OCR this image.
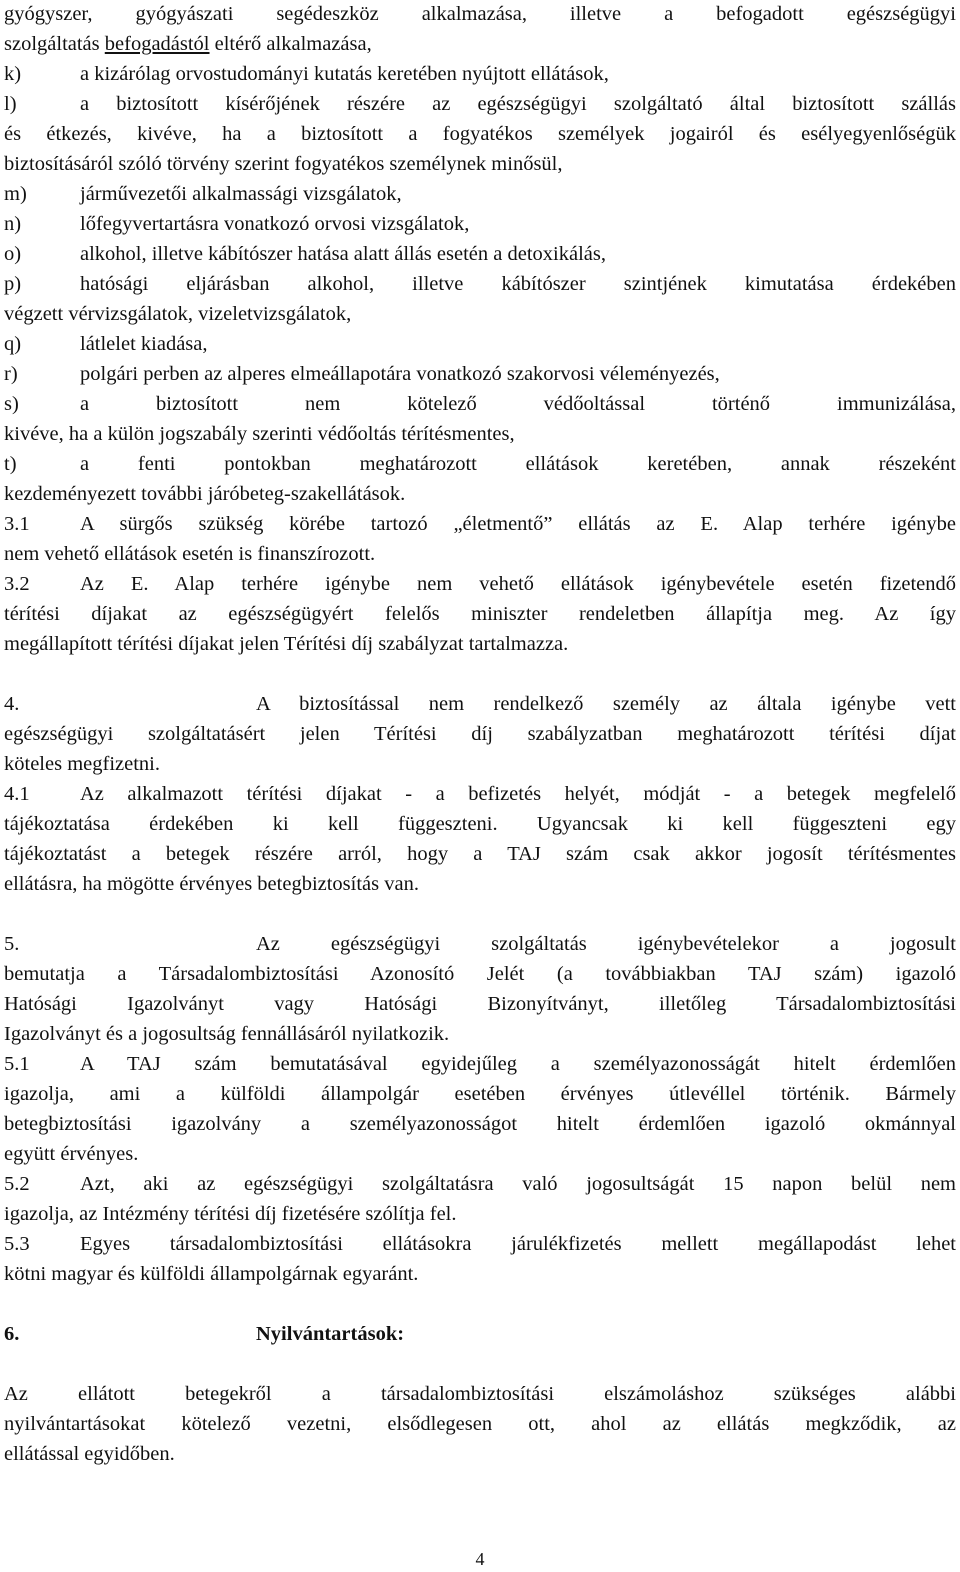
gyógyszer, gyógyászati segédeszköz alkalmazása, illetve a befogadott egészségügyi
szolgáltatás befogadástól eltérő alkalmazása,
k)	a kizárólag orvostudományi kutatás keretében nyújtott ellátások,
l)	a biztosított kísérőjének részére az egészségügyi szolgáltató által biztosított szállás
és étkezés, kivéve, ha a biztosított a fogyatékos személyek jogairól és esélyegyenlőségük
biztosításáról szóló törvény szerint fogyatékos személynek minősül,
m)	járművezetői alkalmassági vizsgálatok,
n)	lőfegyvertartásra vonatkozó orvosi vizsgálatok,
o)	alkohol, illetve kábítószer hatása alatt állás esetén a detoxikálás,
p)	hatósági eljárásban alkohol, illetve kábítószer szintjének kimutatása érdekében
végzett vérvizsgálatok, vizeletvizsgálatok,
q)	látlelet kiadása,
r)	polgári perben az alperes elmeállapotára vonatkozó szakorvosi véleményezés,
s)	a biztosított nem kötelező védőoltással történő immunizálása,
kivéve, ha a külön jogszabály szerinti védőoltás térítésmentes,
t)	a fenti pontokban meghatározott ellátások keretében, annak részeként
kezdeményezett további járóbeteg-szakellátások.
3.1 A sürgős szükség körébe tartozó „életmentő” ellátás az E. Alap terhére igénybe
nem vehető ellátások esetén is finanszírozott.
3.2 Az E. Alap terhére igénybe nem vehető ellátások igénybevétele esetén fizetendő
térítési díjakat az egészségügyért felelős miniszter rendeletben állapítja meg. Az így
megállapított térítési díjakat jelen Térítési díj szabályzat tartalmazza.
4.	A biztosítással nem rendelkező személy az általa igénybe vett
egészségügyi szolgáltatásért jelen Térítési díj szabályzatban meghatározott térítési díjat
köteles megfizetni.
4.1 Az alkalmazott térítési díjakat - a befizetés helyét, módját - a betegek megfelelő
tájékoztatása érdekében ki kell függeszteni. Ugyancsak ki kell függeszteni egy
tájékoztatást a betegek részére arról, hogy a TAJ szám csak akkor jogosít térítésmentes
ellátásra, ha mögötte érvényes betegbiztosítás van.
5.	Az egészségügyi szolgáltatás igénybevételekor a jogosult
bemutatja a Társadalombiztosítási Azonosító Jelét (a továbbiakban TAJ szám) igazoló
Hatósági Igazolványt vagy Hatósági Bizonyítványt, illetőleg Társadalombiztosítási
Igazolványt és a jogosultság fennállásáról nyilatkozik.
5.1 A TAJ szám bemutatásával egyidejűleg a személyazonosságát hitelt érdemlően
igazolja, ami a külföldi állampolgár esetében érvényes útlevéllel történik. Bármely
betegbiztosítási igazolvány a személyazonosságot hitelt érdemlően igazoló okmánnyal
együtt érvényes.
5.2 Azt, aki az egészségügyi szolgáltatásra való jogosultságát 15 napon belül nem
igazolja, az Intézmény térítési díj fizetésére szólítja fel.
5.3 Egyes társadalombiztosítási ellátásokra járulékfizetés mellett megállapodást lehet
kötni magyar és külföldi állampolgárnak egyaránt.
6.	Nyilvántartások:
Az ellátott betegekről a társadalombiztosítási elszámoláshoz szükséges alábbi
nyilvántartásokat kötelező vezetni, elsődlegesen ott, ahol az ellátás megkződik, az
ellátással egyidőben.
4
